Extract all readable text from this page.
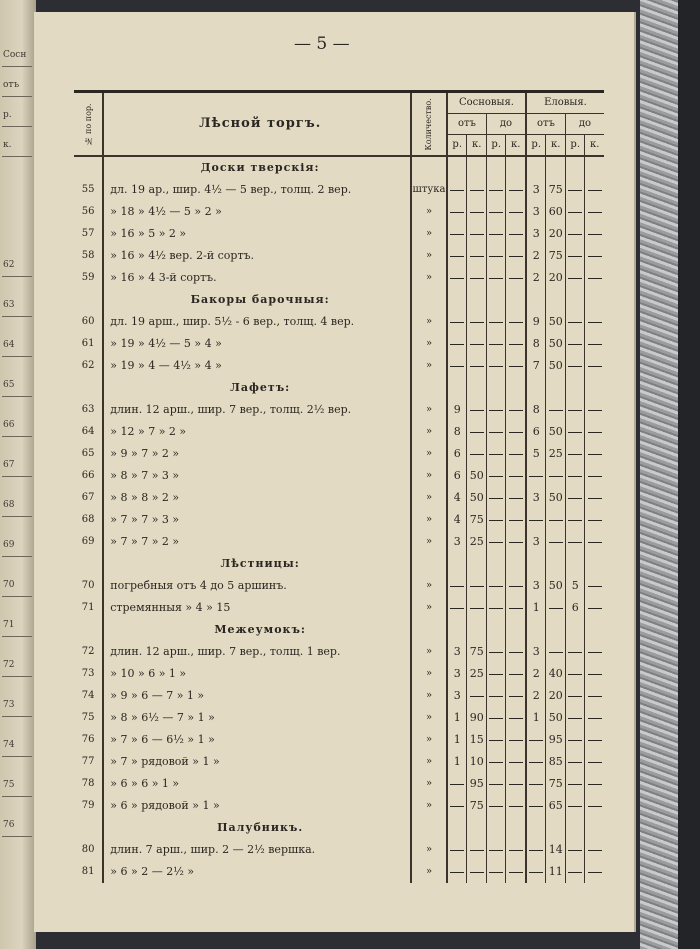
Сосн
отъ
р.
к.
62
63
64
65
66
67
68
69
70
71
72
73
74
75
76
— 5 —
№ по пор.	Лѣсной торгъ.	Количество.	Сосновыя.				Еловыя.			
			отъ		до		отъ		до	
			р.	к.	р.	к.	р.	к.	р.	к.
	Доски тверскія:									
55	дл. 19 ар., шир. 4½ — 5 вер., толщ. 2 вер.	штука					3	75		
56	» 18 » 4½ — 5 » 2 »	»					3	60		
57	» 16 » 5 » 2 »	»					3	20		
58	» 16 » 4½ вер. 2-й сортъ.	»					2	75		
59	» 16 » 4 3-й сортъ.	»					2	20		
	Бакоры барочныя:									
60	дл. 19 арш., шир. 5½ - 6 вер., толщ. 4 вер.	»					9	50		
61	» 19 » 4½ — 5 » 4 »	»					8	50		
62	» 19 » 4 — 4½ » 4 »	»					7	50		
	Лафетъ:									
63	длин. 12 арш., шир. 7 вер., толщ. 2½ вер.	»	9				8			
64	» 12 » 7 » 2 »	»	8				6	50		
65	» 9 » 7 » 2 »	»	6				5	25		
66	» 8 » 7 » 3 »	»	6	50						
67	» 8 » 8 » 2 »	»	4	50			3	50		
68	» 7 » 7 » 3 »	»	4	75						
69	» 7 » 7 » 2 »	»	3	25			3			
	Лѣстницы:									
70	погребныя отъ 4 до 5 аршинъ.	»					3	50	5	
71	стремянныя » 4 » 15	»					1		6	
	Межеумокъ:									
72	длин. 12 арш., шир. 7 вер., толщ. 1 вер.	»	3	75			3			
73	» 10 » 6 » 1 »	»	3	25			2	40		
74	» 9 » 6 — 7 » 1 »	»	3				2	20		
75	» 8 » 6½ — 7 » 1 »	»	1	90			1	50		
76	» 7 » 6 — 6½ » 1 »	»	1	15				95		
77	» 7 » рядовой » 1 »	»	1	10				85		
78	» 6 » 6 » 1 »	»		95				75		
79	» 6 » рядовой » 1 »	»		75				65		
	Палубникъ.									
80	длин. 7 арш., шир. 2 — 2½ вершка.	»						14		
81	» 6 » 2 — 2½ »	»						11		
